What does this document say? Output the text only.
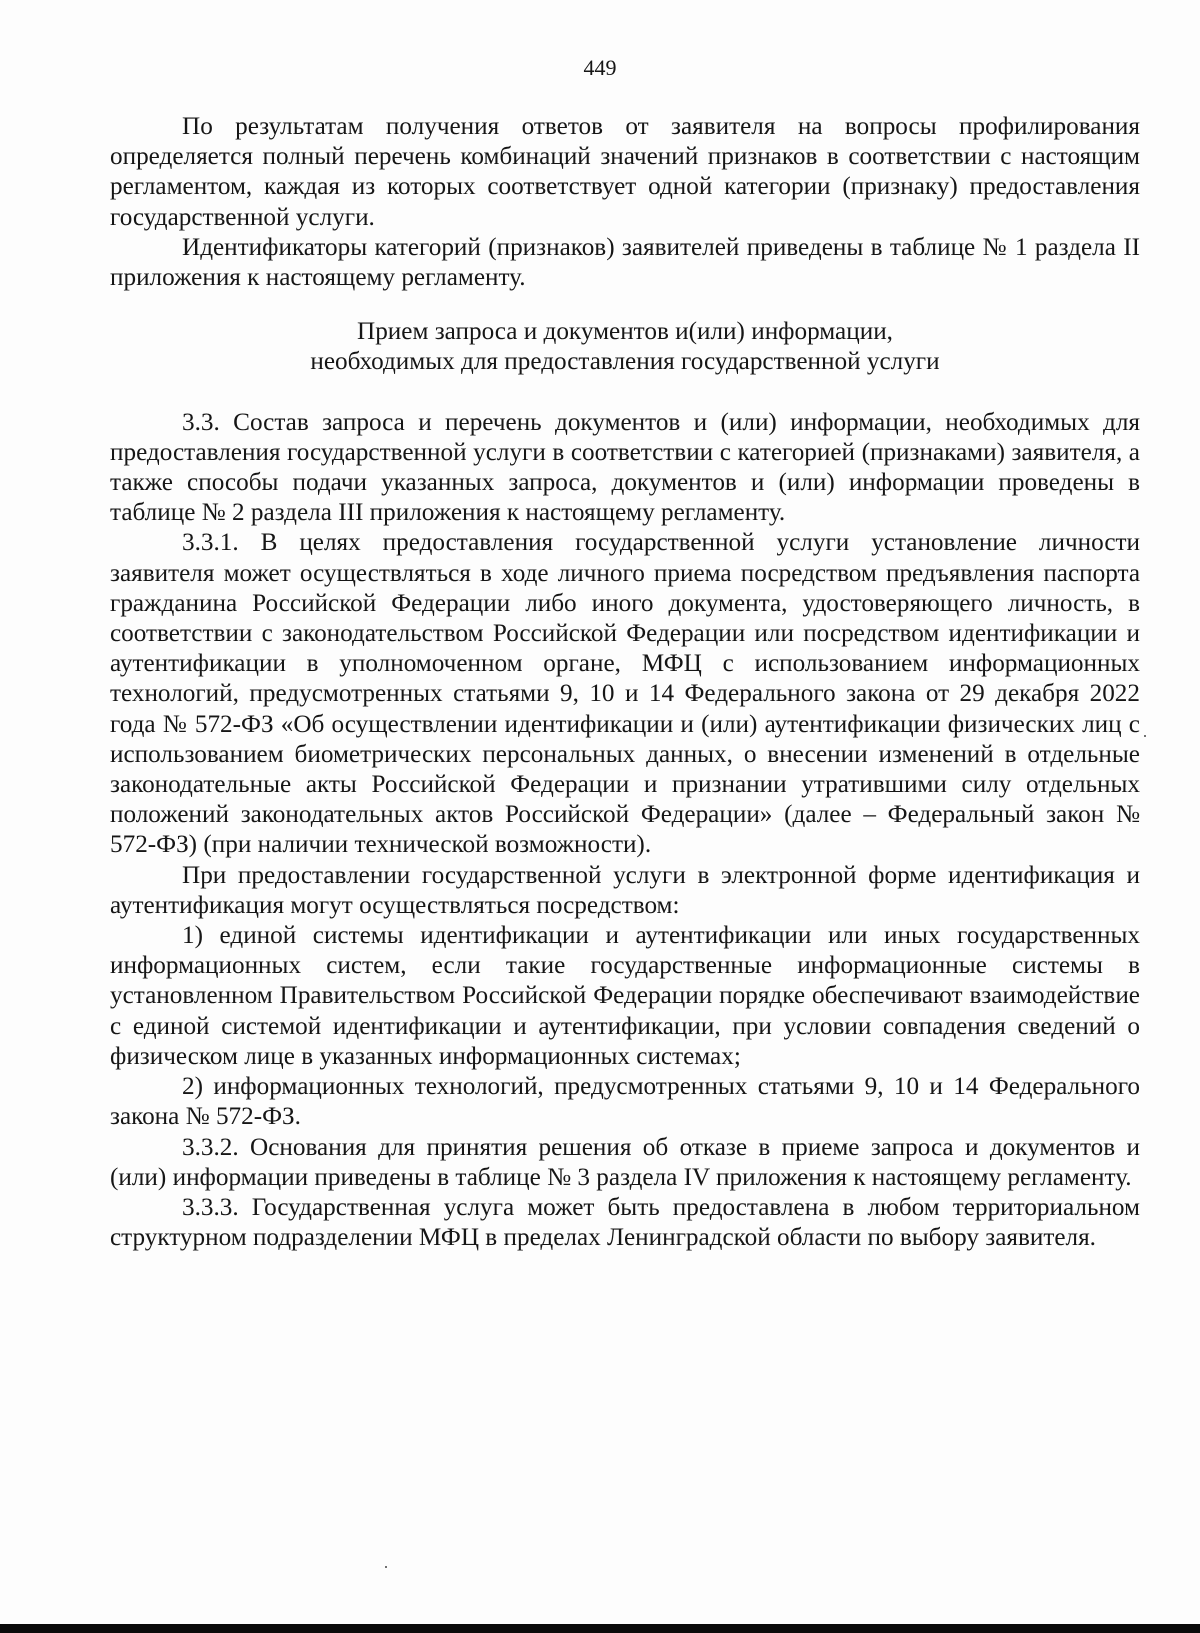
449

По результатам получения ответов от заявителя на вопросы профилирования определяется полный перечень комбинаций значений признаков в соответствии с настоящим регламентом, каждая из которых соответствует одной категории (признаку) предоставления государственной услуги.

Идентификаторы категорий (признаков) заявителей приведены в таблице № 1 раздела II приложения к настоящему регламенту.

Прием запроса и документов и(или) информации,
необходимых для предоставления государственной услуги

3.3. Состав запроса и перечень документов и (или) информации, необходимых для предоставления государственной услуги в соответствии с категорией (признаками) заявителя, а также способы подачи указанных запроса, документов и (или) информации проведены в таблице № 2 раздела III приложения к настоящему регламенту.

3.3.1. В целях предоставления государственной услуги установление личности заявителя может осуществляться в ходе личного приема посредством предъявления паспорта гражданина Российской Федерации либо иного документа, удостоверяющего личность, в соответствии с законодательством Российской Федерации или посредством идентификации и аутентификации в уполномоченном органе, МФЦ с использованием информационных технологий, предусмотренных статьями 9, 10 и 14 Федерального закона от 29 декабря 2022 года № 572-ФЗ «Об осуществлении идентификации и (или) аутентификации физических лиц с использованием биометрических персональных данных, о внесении изменений в отдельные законодательные акты Российской Федерации и признании утратившими силу отдельных положений законодательных актов Российской Федерации» (далее – Федеральный закон № 572-ФЗ) (при наличии технической возможности).

При предоставлении государственной услуги в электронной форме идентификация и аутентификация могут осуществляться посредством:

1) единой системы идентификации и аутентификации или иных государственных информационных систем, если такие государственные информационные системы в установленном Правительством Российской Федерации порядке обеспечивают взаимодействие с единой системой идентификации и аутентификации, при условии совпадения сведений о физическом лице в указанных информационных системах;

2) информационных технологий, предусмотренных статьями 9, 10 и 14 Федерального закона № 572-ФЗ.

3.3.2. Основания для принятия решения об отказе в приеме запроса и документов и (или) информации приведены в таблице № 3 раздела IV приложения к настоящему регламенту.

3.3.3. Государственная услуга может быть предоставлена в любом территориальном структурном подразделении МФЦ в пределах Ленинградской области по выбору заявителя.
